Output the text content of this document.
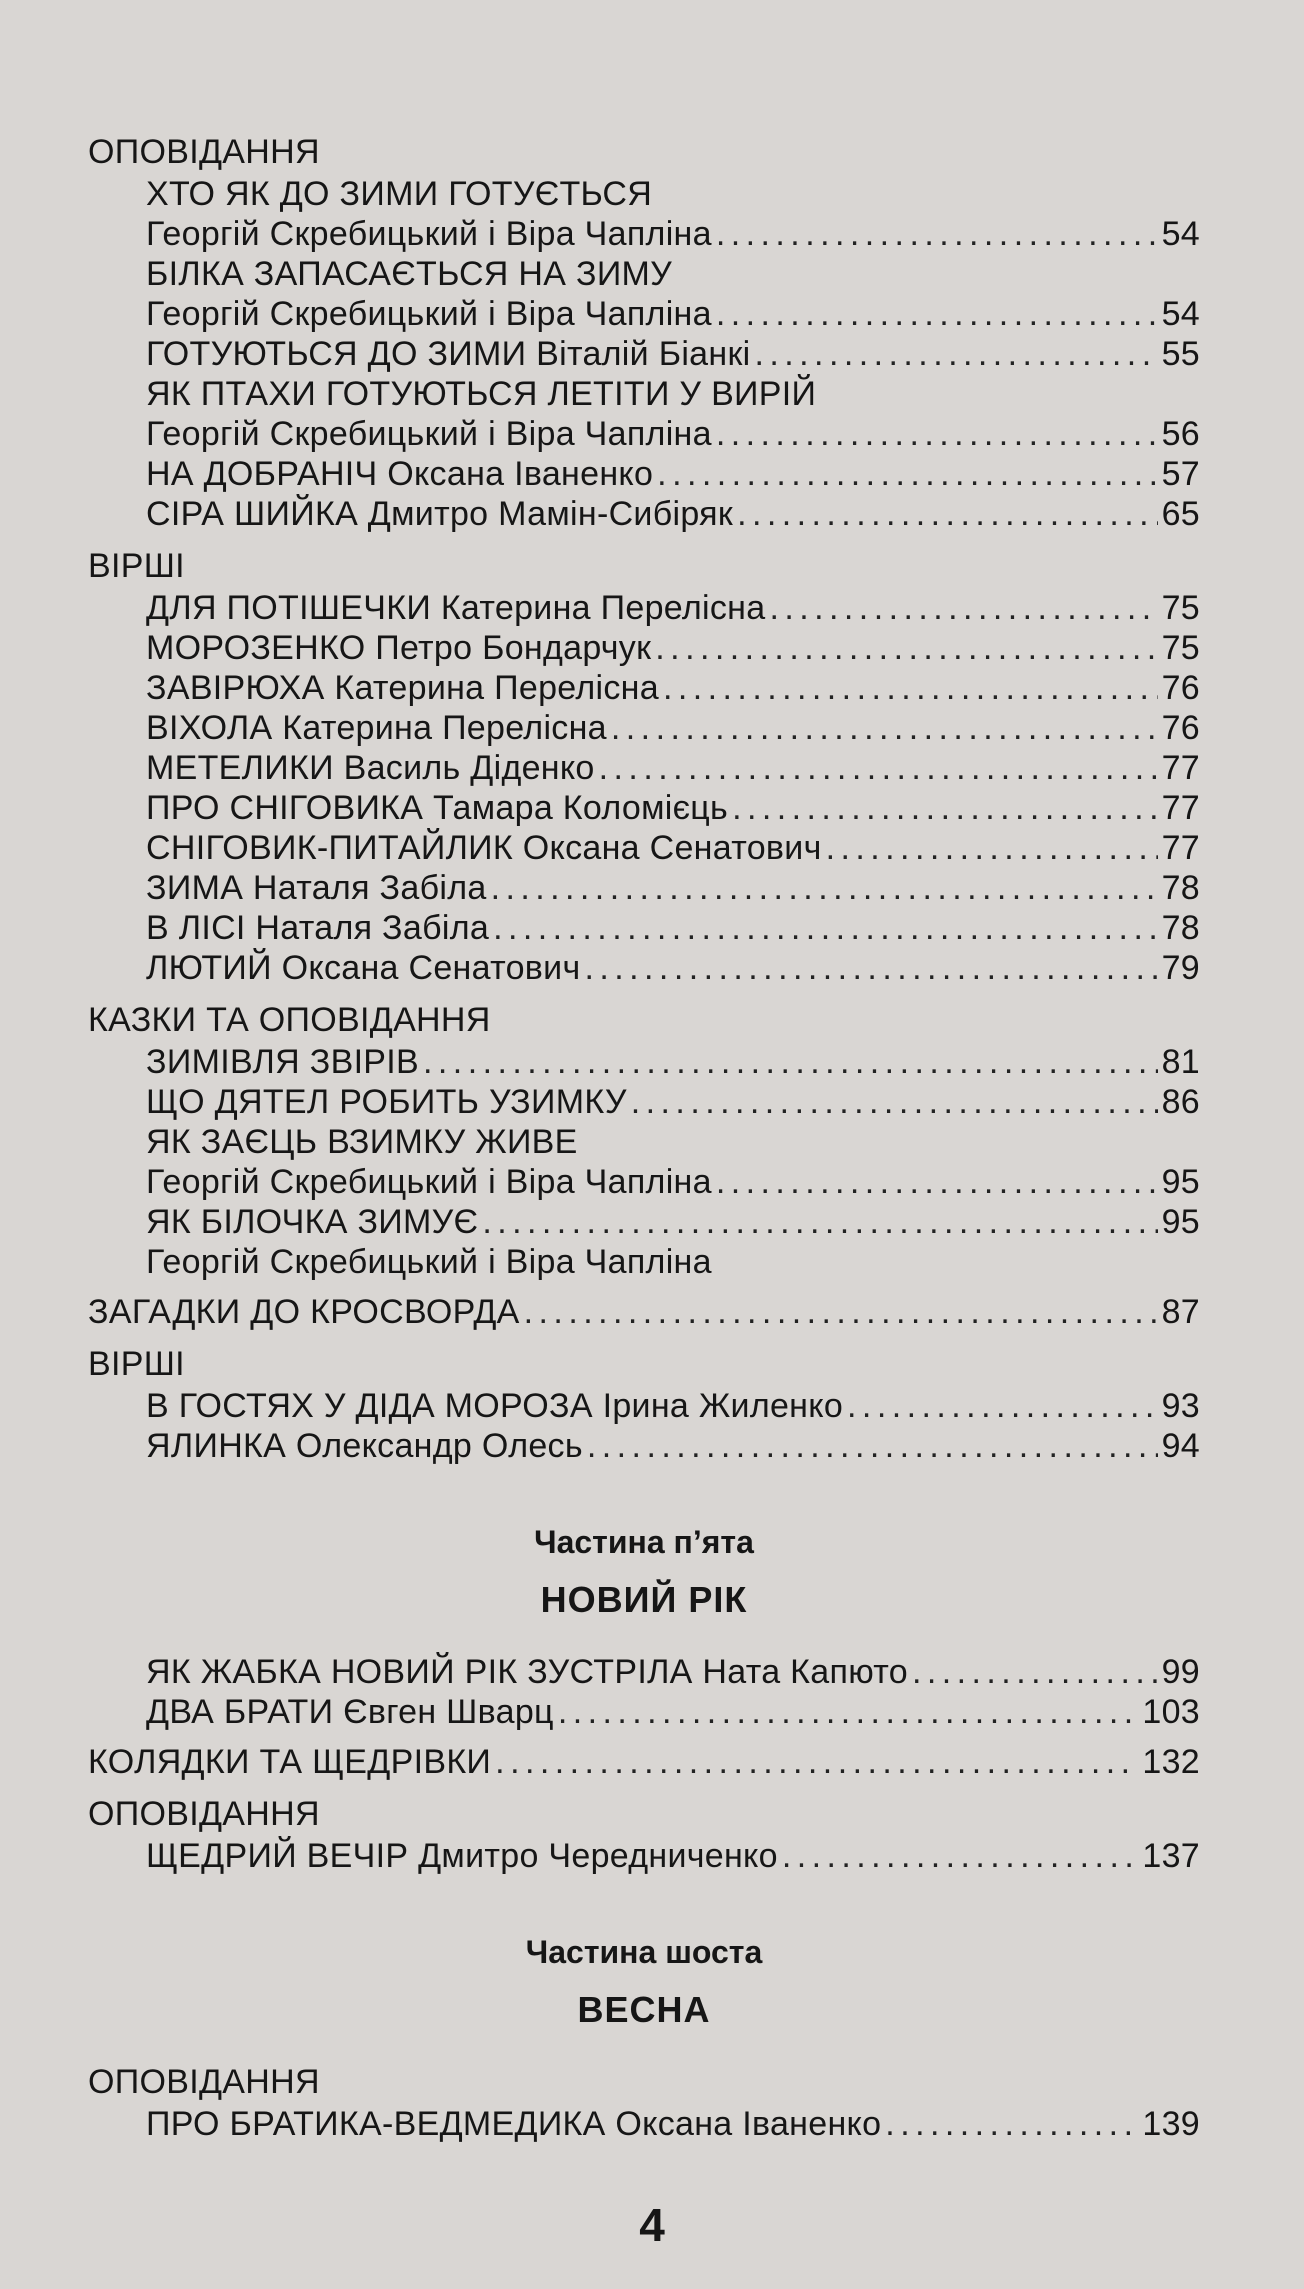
ОПОВІДАННЯ
ХТО ЯК ДО ЗИМИ ГОТУЄТЬСЯ
Георгій Скребицький і Віра Чапліна . . .	54
БІЛКА ЗАПАСАЄТЬСЯ НА ЗИМУ
Георгій Скребицький і Віра Чапліна . . .	54
ГОТУЮТЬСЯ ДО ЗИМИ Віталій Біанкі . . .	55
ЯК ПТАХИ ГОТУЮТЬСЯ ЛЕТІТИ У ВИРІЙ
Георгій Скребицький і Віра Чапліна . . .	56
НА ДОБРАНІЧ Оксана Іваненко . . .	57
СІРА ШИЙКА Дмитро Мамін-Сибіряк . . .	65
ВІРШІ
ДЛЯ ПОТІШЕЧКИ Катерина Перелісна . . .	75
МОРОЗЕНКО Петро Бондарчук . . .	75
ЗАВІРЮХА Катерина Перелісна . . .	76
ВІХОЛА Катерина Перелісна . . .	76
МЕТЕЛИКИ Василь Діденко . . .	77
ПРО СНІГОВИКА Тамара Коломієць . . .	77
СНІГОВИК-ПИТАЙЛИК Оксана Сенатович . . .	77
ЗИМА Наталя Забіла . . .	78
В ЛІСІ Наталя Забіла . . .	78
ЛЮТИЙ Оксана Сенатович . . .	79
КАЗКИ ТА ОПОВІДАННЯ
ЗИМІВЛЯ ЗВІРІВ . . .	81
ЩО ДЯТЕЛ РОБИТЬ УЗИМКУ . . .	86
ЯК ЗАЄЦЬ ВЗИМКУ ЖИВЕ
Георгій Скребицький і Віра Чапліна . . .	95
ЯК БІЛОЧКА ЗИМУЄ . . .	95
Георгій Скребицький і Віра Чапліна
ЗАГАДКИ ДО КРОСВОРДА . . .	87
ВІРШІ
В ГОСТЯХ У ДІДА МОРОЗА Ірина Жиленко . . .	93
ЯЛИНКА Олександр Олесь . . .	94
Частина п’ята
НОВИЙ РІК
ЯК ЖАБКА НОВИЙ РІК ЗУСТРІЛА Ната Капюто . . .	99
ДВА БРАТИ Євген Шварц . . .	103
КОЛЯДКИ ТА ЩЕДРІВКИ . . .	132
ОПОВІДАННЯ
ЩЕДРИЙ ВЕЧІР Дмитро Чередниченко . . .	137
Частина шоста
ВЕСНА
ОПОВІДАННЯ
ПРО БРАТИКА-ВЕДМЕДИКА Оксана Іваненко . . .	139
4
